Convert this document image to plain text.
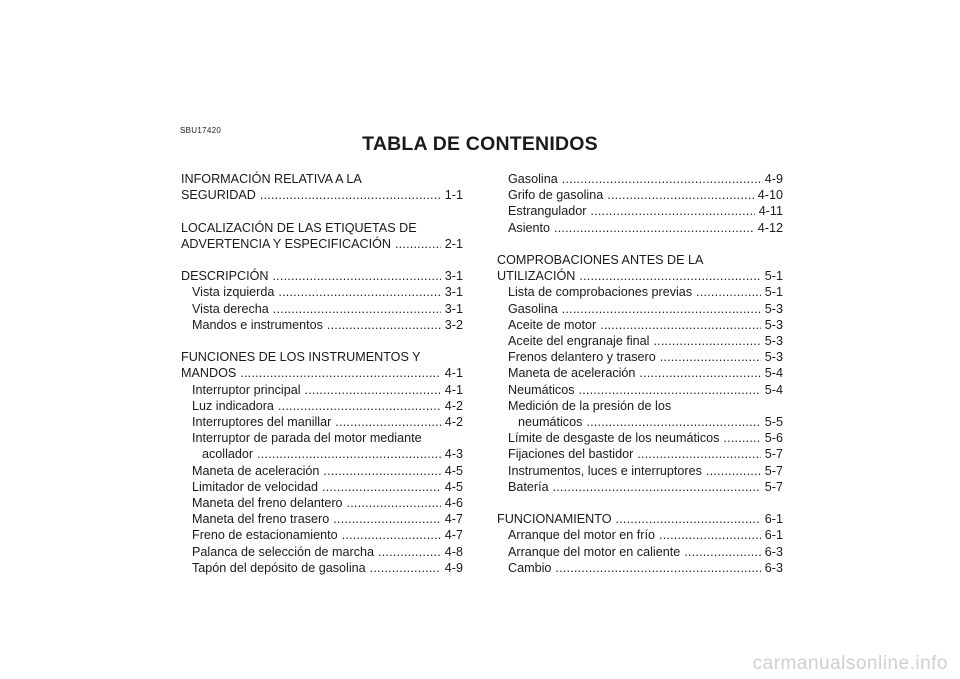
SBU17420
TABLA DE CONTENIDOS
INFORMACIÓN RELATIVA A LA
SEGURIDAD .....	1-1
LOCALIZACIÓN DE LAS ETIQUETAS DE
ADVERTENCIA Y ESPECIFICACIÓN .....	2-1
DESCRIPCIÓN .....	3-1
Vista izquierda .....	3-1
Vista derecha .....	3-1
Mandos e instrumentos .....	3-2
FUNCIONES DE LOS INSTRUMENTOS Y
MANDOS .....	4-1
Interruptor principal .....	4-1
Luz indicadora .....	4-2
Interruptores del manillar .....	4-2
Interruptor de parada del motor mediante
acollador .....	4-3
Maneta de aceleración .....	4-5
Limitador de velocidad .....	4-5
Maneta del freno delantero .....	4-6
Maneta del freno trasero .....	4-7
Freno de estacionamiento .....	4-7
Palanca de selección de marcha .....	4-8
Tapón del depósito de gasolina .....	4-9
Gasolina .....	4-9
Grifo de gasolina .....	4-10
Estrangulador .....	4-11
Asiento .....	4-12
COMPROBACIONES ANTES DE LA
UTILIZACIÓN .....	5-1
Lista de comprobaciones previas .....	5-1
Gasolina .....	5-3
Aceite de motor .....	5-3
Aceite del engranaje final .....	5-3
Frenos delantero y trasero .....	5-3
Maneta de aceleración .....	5-4
Neumáticos .....	5-4
Medición de la presión de los
neumáticos .....	5-5
Límite de desgaste de los neumáticos .....	5-6
Fijaciones del bastidor .....	5-7
Instrumentos, luces e interruptores .....	5-7
Batería .....	5-7
FUNCIONAMIENTO .....	6-1
Arranque del motor en frío .....	6-1
Arranque del motor en caliente .....	6-3
Cambio .....	6-3
carmanualsonline.info
